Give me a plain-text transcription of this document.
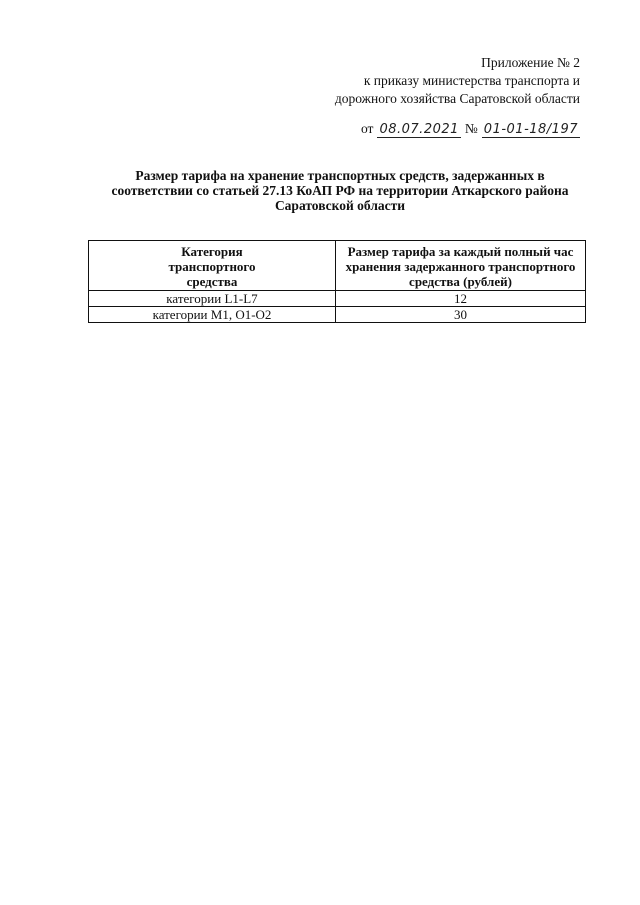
Приложение № 2
к приказу министерства транспорта и
дорожного хозяйства Саратовской области
от 08.07.2021 № 01-01-18/197
Размер тарифа на хранение транспортных средств, задержанных в соответствии со статьей 27.13 КоАП РФ на территории Аткарского района Саратовской области
Категория транспортного средства	Размер тарифа за каждый полный час хранения задержанного транспортного средства (рублей)
категории L1-L7	12
категории M1, O1-O2	30
